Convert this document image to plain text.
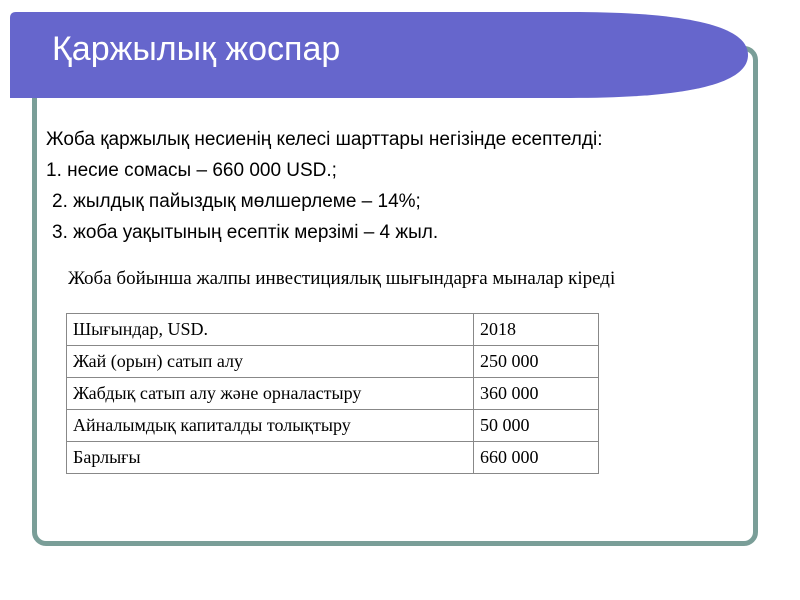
Қаржылық жоспар
Жоба қаржылық несиенің келесі шарттары негізінде есептелді:
1. несие сомасы – 660 000 USD.;
2. жылдық пайыздық мөлшерлеме – 14%;
3. жоба уақытының есептік мерзімі – 4 жыл.
Жоба бойынша жалпы инвестициялық шығындарға мыналар кіреді
Шығындар, USD.	2018
Жай (орын) сатып алу	250 000
Жабдық сатып алу және орналастыру	360 000
Айналымдық капиталды толықтыру	50 000
Барлығы	660 000
